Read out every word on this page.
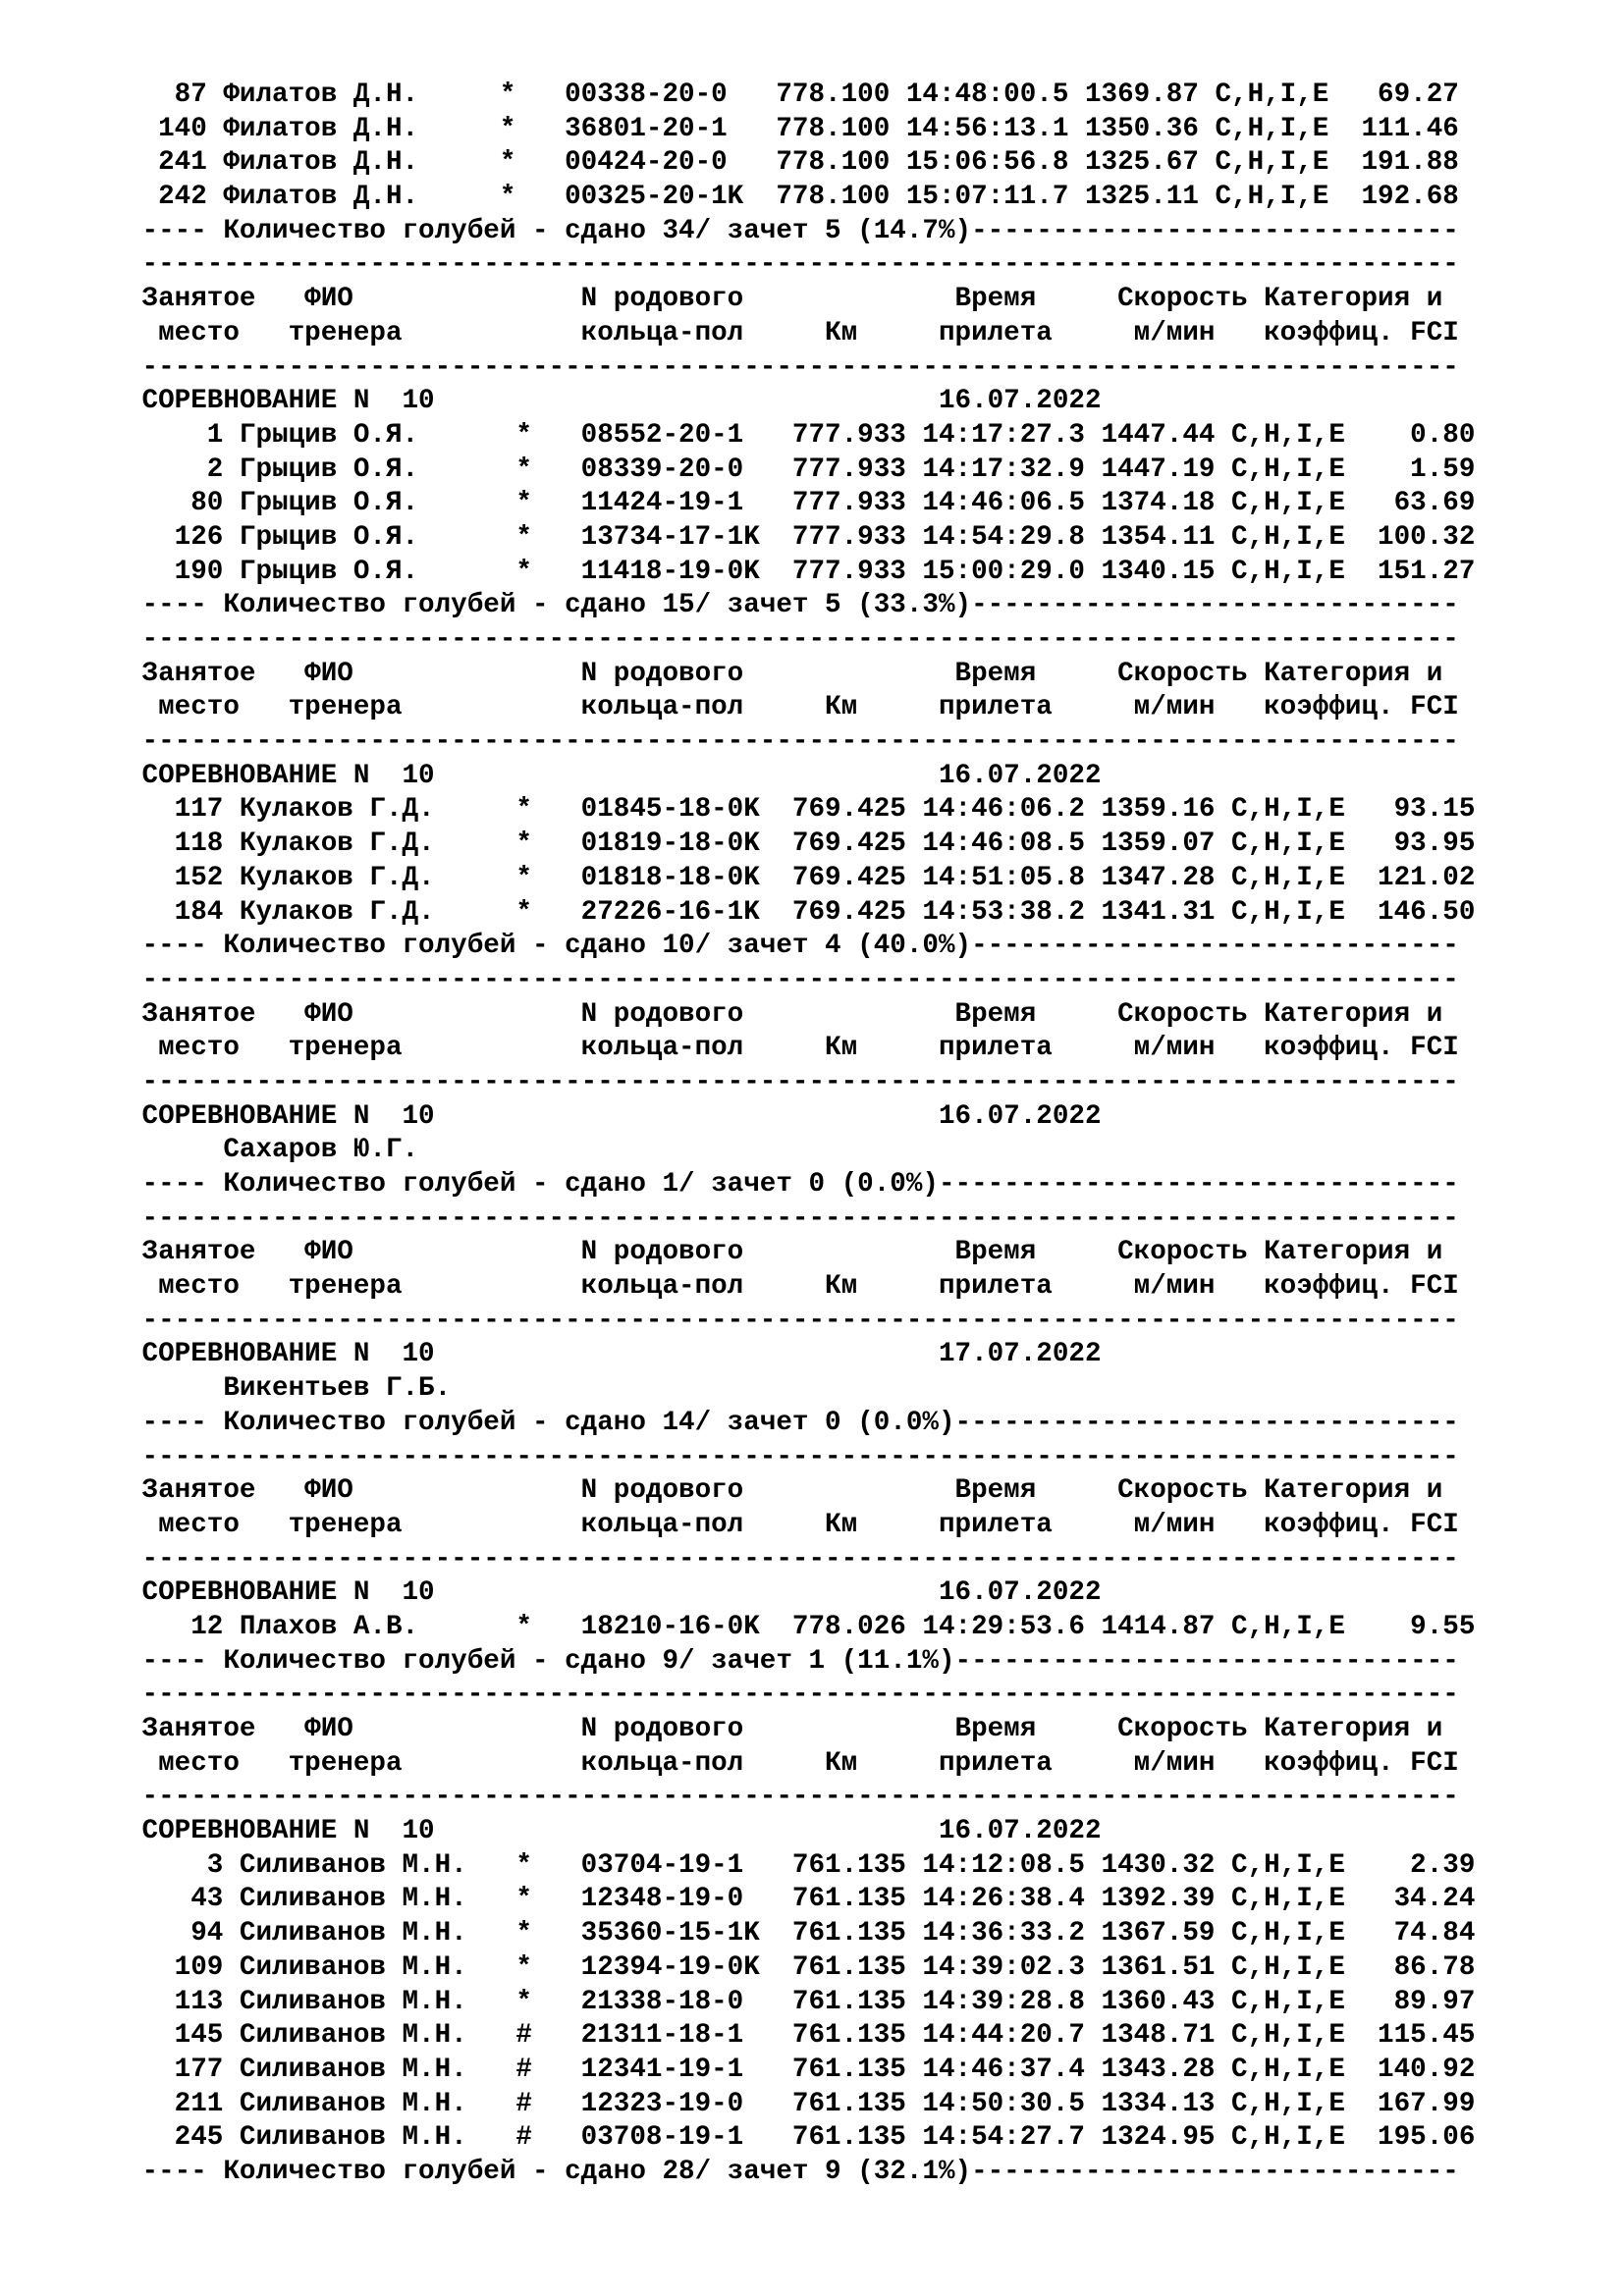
87 Филатов Д.Н.     *   00338-20-0   778.100 14:48:00.5 1369.87 C,H,I,E   69.27
140 Филатов Д.Н.     *   36801-20-1   778.100 14:56:13.1 1350.36 C,H,I,E  111.46
241 Филатов Д.Н.     *   00424-20-0   778.100 15:06:56.8 1325.67 C,H,I,E  191.88
242 Филатов Д.Н.     *   00325-20-1K  778.100 15:07:11.7 1325.11 C,H,I,E  192.68
---- Количество голубей - сдано 34/ зачет 5 (14.7%)------------------------------
---------------------------------------------------------------------------------
Занятое   ФИО              N родового             Время     Скорость Категория и
место   тренера           кольца-пол     Км     прилета     м/мин   коэффиц. FCI
---------------------------------------------------------------------------------
СОРЕВНОВАНИЕ N  10                               16.07.2022
1 Грыцив О.Я.      *   08552-20-1   777.933 14:17:27.3 1447.44 C,H,I,E    0.80
2 Грыцив О.Я.      *   08339-20-0   777.933 14:17:32.9 1447.19 C,H,I,E    1.59
80 Грыцив О.Я.      *   11424-19-1   777.933 14:46:06.5 1374.18 C,H,I,E   63.69
126 Грыцив О.Я.      *   13734-17-1K  777.933 14:54:29.8 1354.11 C,H,I,E  100.32
190 Грыцив О.Я.      *   11418-19-0K  777.933 15:00:29.0 1340.15 C,H,I,E  151.27
---- Количество голубей - сдано 15/ зачет 5 (33.3%)------------------------------
---------------------------------------------------------------------------------
Занятое   ФИО              N родового             Время     Скорость Категория и
место   тренера           кольца-пол     Км     прилета     м/мин   коэффиц. FCI
---------------------------------------------------------------------------------
СОРЕВНОВАНИЕ N  10                               16.07.2022
117 Кулаков Г.Д.     *   01845-18-0K  769.425 14:46:06.2 1359.16 C,H,I,E   93.15
118 Кулаков Г.Д.     *   01819-18-0K  769.425 14:46:08.5 1359.07 C,H,I,E   93.95
152 Кулаков Г.Д.     *   01818-18-0K  769.425 14:51:05.8 1347.28 C,H,I,E  121.02
184 Кулаков Г.Д.     *   27226-16-1K  769.425 14:53:38.2 1341.31 C,H,I,E  146.50
---- Количество голубей - сдано 10/ зачет 4 (40.0%)------------------------------
---------------------------------------------------------------------------------
Занятое   ФИО              N родового             Время     Скорость Категория и
место   тренера           кольца-пол     Км     прилета     м/мин   коэффиц. FCI
---------------------------------------------------------------------------------
СОРЕВНОВАНИЕ N  10                               16.07.2022
Сахаров Ю.Г.
---- Количество голубей - сдано 1/ зачет 0 (0.0%)--------------------------------
---------------------------------------------------------------------------------
Занятое   ФИО              N родового             Время     Скорость Категория и
место   тренера           кольца-пол     Км     прилета     м/мин   коэффиц. FCI
---------------------------------------------------------------------------------
СОРЕВНОВАНИЕ N  10                               17.07.2022
Викентьев Г.Б.
---- Количество голубей - сдано 14/ зачет 0 (0.0%)-------------------------------
---------------------------------------------------------------------------------
Занятое   ФИО              N родового             Время     Скорость Категория и
место   тренера           кольца-пол     Км     прилета     м/мин   коэффиц. FCI
---------------------------------------------------------------------------------
СОРЕВНОВАНИЕ N  10                               16.07.2022
12 Плахов А.В.      *   18210-16-0K  778.026 14:29:53.6 1414.87 C,H,I,E    9.55
---- Количество голубей - сдано 9/ зачет 1 (11.1%)-------------------------------
---------------------------------------------------------------------------------
Занятое   ФИО              N родового             Время     Скорость Категория и
место   тренера           кольца-пол     Км     прилета     м/мин   коэффиц. FCI
---------------------------------------------------------------------------------
СОРЕВНОВАНИЕ N  10                               16.07.2022
3 Силиванов М.Н.   *   03704-19-1   761.135 14:12:08.5 1430.32 C,H,I,E    2.39
43 Силиванов М.Н.   *   12348-19-0   761.135 14:26:38.4 1392.39 C,H,I,E   34.24
94 Силиванов М.Н.   *   35360-15-1K  761.135 14:36:33.2 1367.59 C,H,I,E   74.84
109 Силиванов М.Н.   *   12394-19-0K  761.135 14:39:02.3 1361.51 C,H,I,E   86.78
113 Силиванов М.Н.   *   21338-18-0   761.135 14:39:28.8 1360.43 C,H,I,E   89.97
145 Силиванов М.Н.   #   21311-18-1   761.135 14:44:20.7 1348.71 C,H,I,E  115.45
177 Силиванов М.Н.   #   12341-19-1   761.135 14:46:37.4 1343.28 C,H,I,E  140.92
211 Силиванов М.Н.   #   12323-19-0   761.135 14:50:30.5 1334.13 C,H,I,E  167.99
245 Силиванов М.Н.   #   03708-19-1   761.135 14:54:27.7 1324.95 C,H,I,E  195.06
---- Количество голубей - сдано 28/ зачет 9 (32.1%)------------------------------
